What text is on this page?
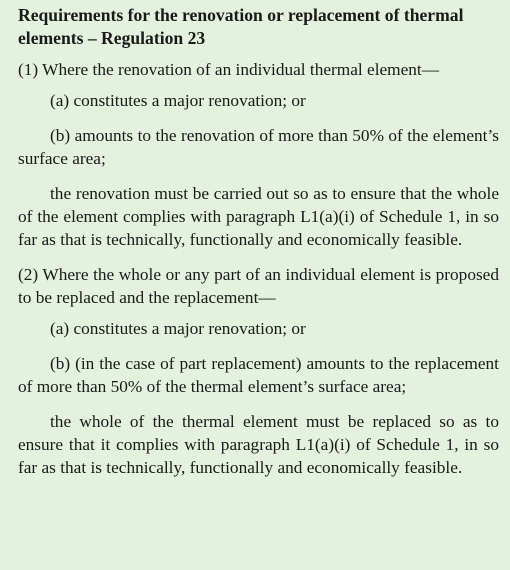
Requirements for the renovation or replacement of thermal elements – Regulation 23

(1) Where the renovation of an individual thermal element—

(a) constitutes a major renovation; or

(b) amounts to the renovation of more than 50% of the element’s surface area;

the renovation must be carried out so as to ensure that the whole of the element complies with paragraph L1(a)(i) of Schedule 1, in so far as that is technically, functionally and economically feasible.

(2) Where the whole or any part of an individual element is proposed to be replaced and the replacement—

(a) constitutes a major renovation; or

(b) (in the case of part replacement) amounts to the replacement of more than 50% of the thermal element’s surface area;

the whole of the thermal element must be replaced so as to ensure that it complies with paragraph L1(a)(i) of Schedule 1, in so far as that is technically, functionally and economically feasible.
